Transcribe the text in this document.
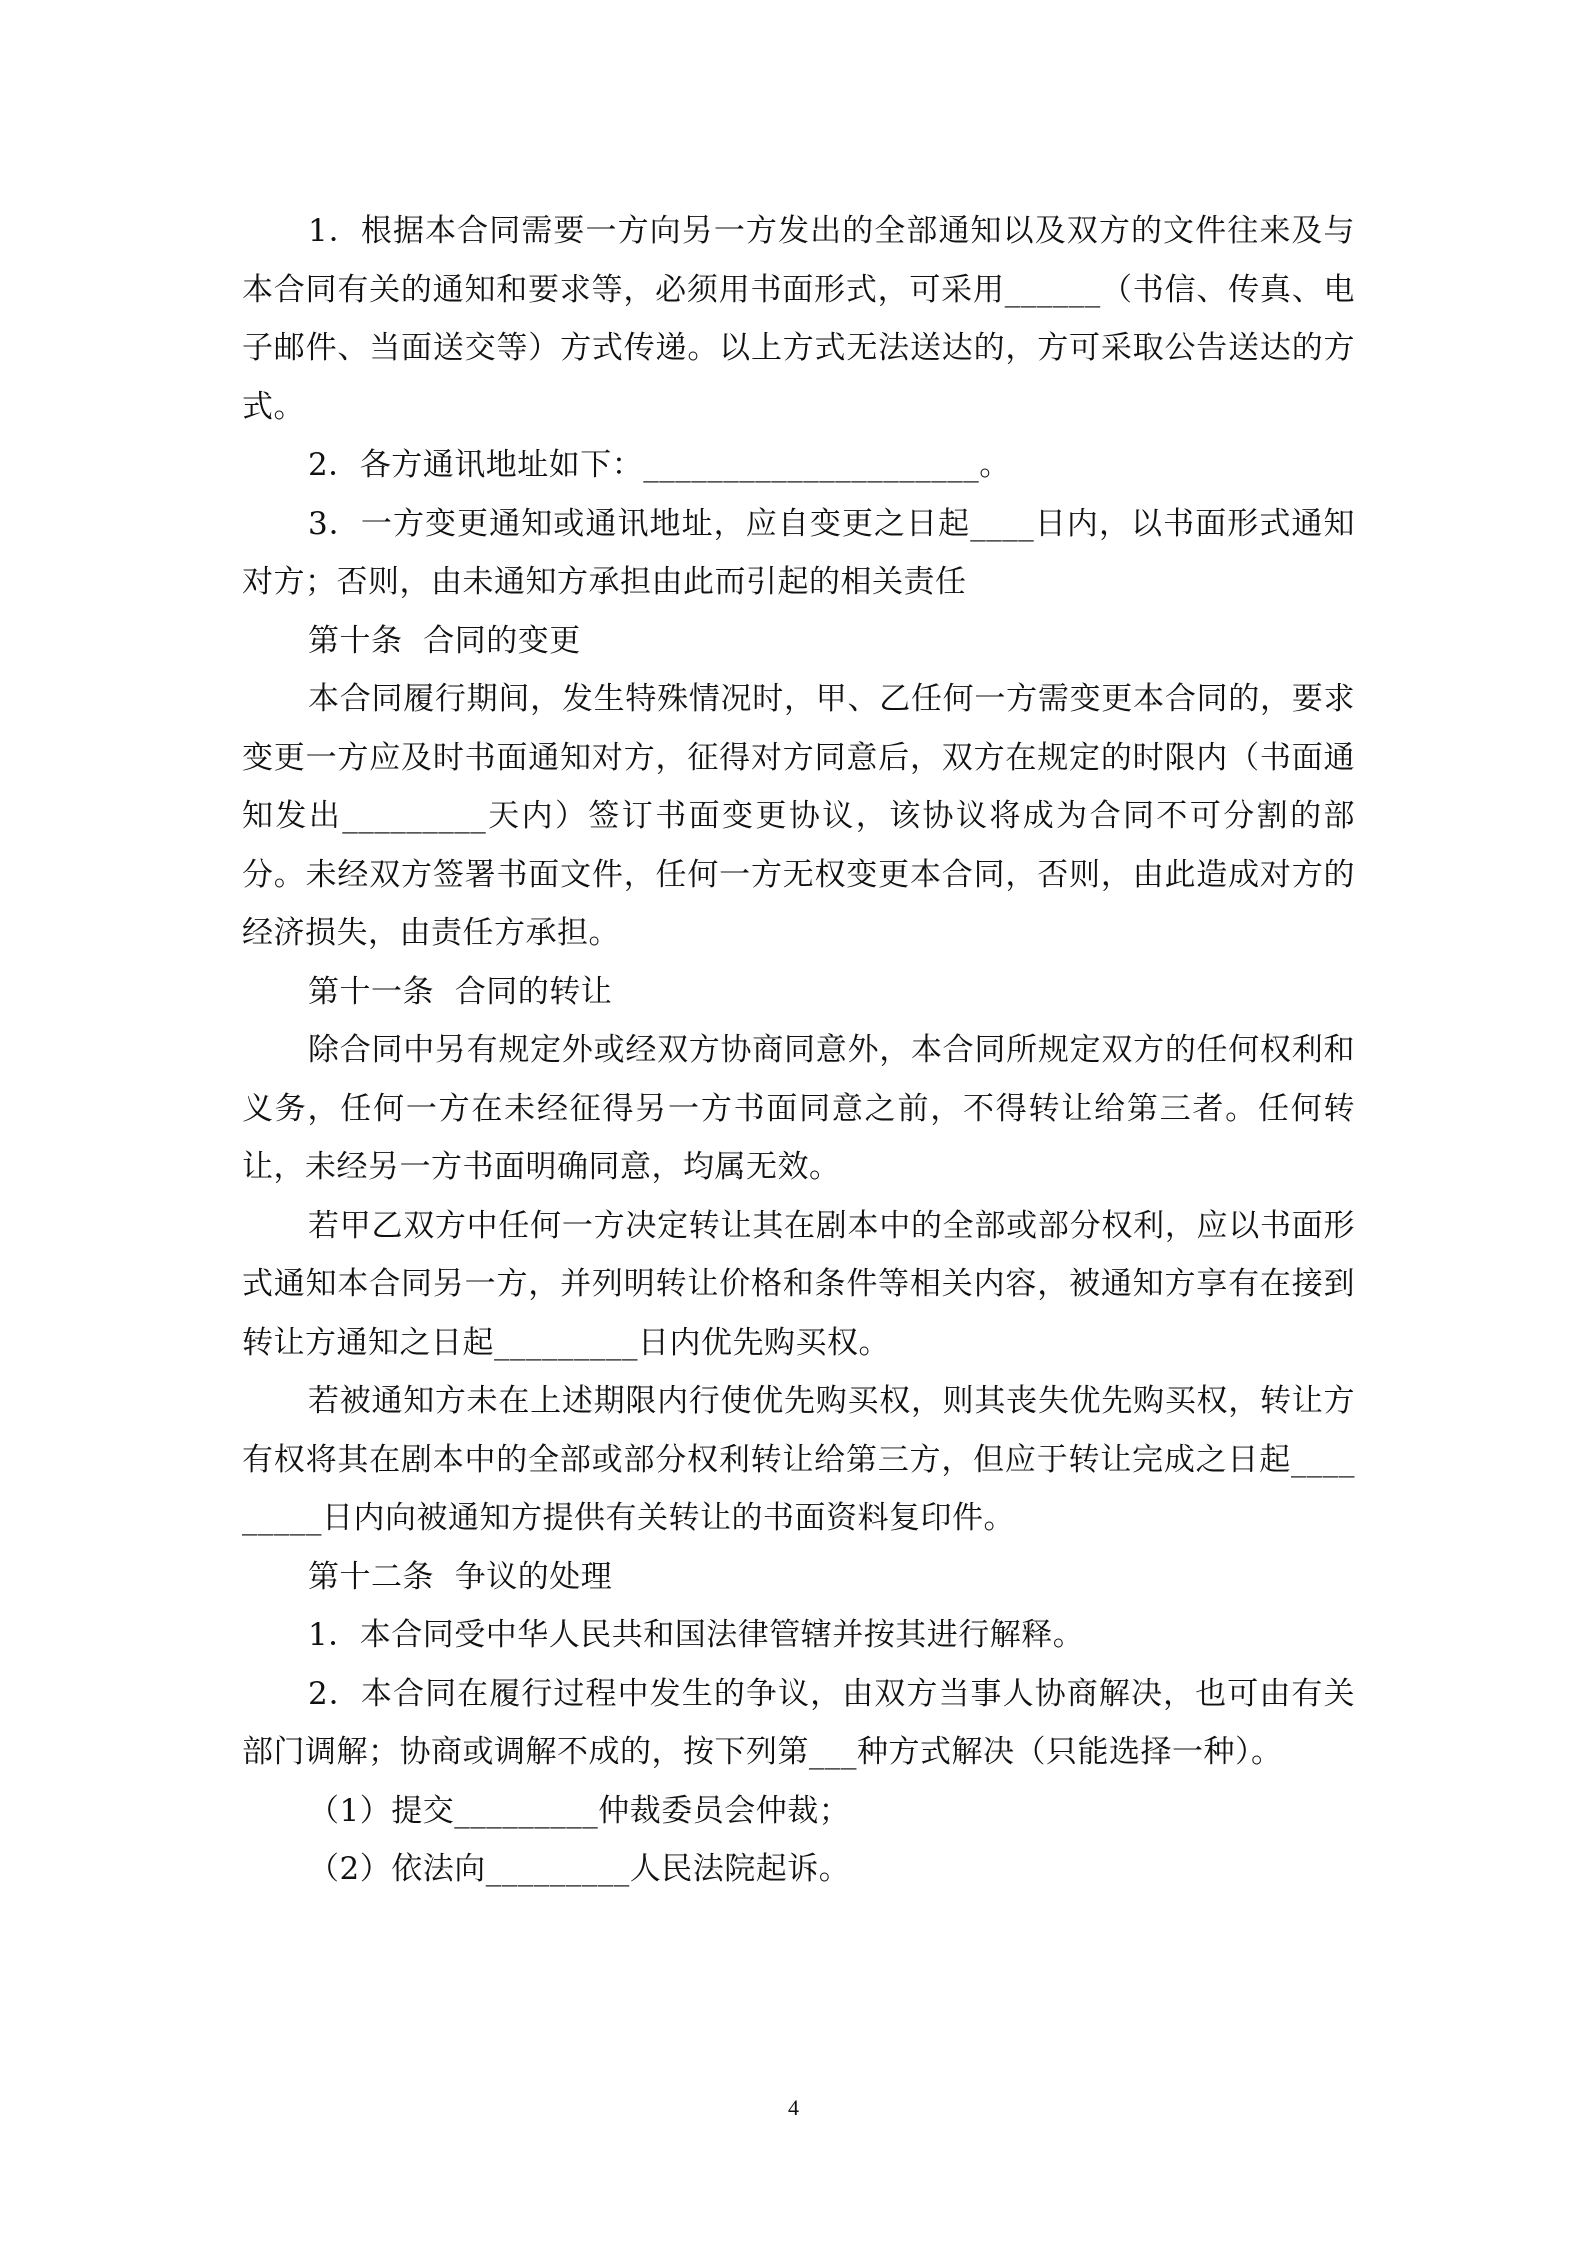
1．根据本合同需要一方向另一方发出的全部通知以及双方的文件往来及与本合同有关的通知和要求等，必须用书面形式，可采用______（书信、传真、电子邮件、当面送交等）方式传递。以上方式无法送达的，方可采取公告送达的方式。

2．各方通讯地址如下：_____________________。

3．一方变更通知或通讯地址，应自变更之日起____日内，以书面形式通知对方；否则，由未通知方承担由此而引起的相关责任

第十条  合同的变更

本合同履行期间，发生特殊情况时，甲、乙任何一方需变更本合同的，要求变更一方应及时书面通知对方，征得对方同意后，双方在规定的时限内（书面通知发出_________天内）签订书面变更协议，该协议将成为合同不可分割的部分。未经双方签署书面文件，任何一方无权变更本合同，否则，由此造成对方的经济损失，由责任方承担。

第十一条  合同的转让

除合同中另有规定外或经双方协商同意外，本合同所规定双方的任何权利和义务，任何一方在未经征得另一方书面同意之前，不得转让给第三者。任何转让，未经另一方书面明确同意，均属无效。

若甲乙双方中任何一方决定转让其在剧本中的全部或部分权利，应以书面形式通知本合同另一方，并列明转让价格和条件等相关内容，被通知方享有在接到转让方通知之日起_________日内优先购买权。

若被通知方未在上述期限内行使优先购买权，则其丧失优先购买权，转让方有权将其在剧本中的全部或部分权利转让给第三方，但应于转让完成之日起_________日内向被通知方提供有关转让的书面资料复印件。

第十二条  争议的处理

1．本合同受中华人民共和国法律管辖并按其进行解释。

2．本合同在履行过程中发生的争议，由双方当事人协商解决，也可由有关部门调解；协商或调解不成的，按下列第___种方式解决（只能选择一种）。

（1）提交_________仲裁委员会仲裁；

（2）依法向_________人民法院起诉。

4
